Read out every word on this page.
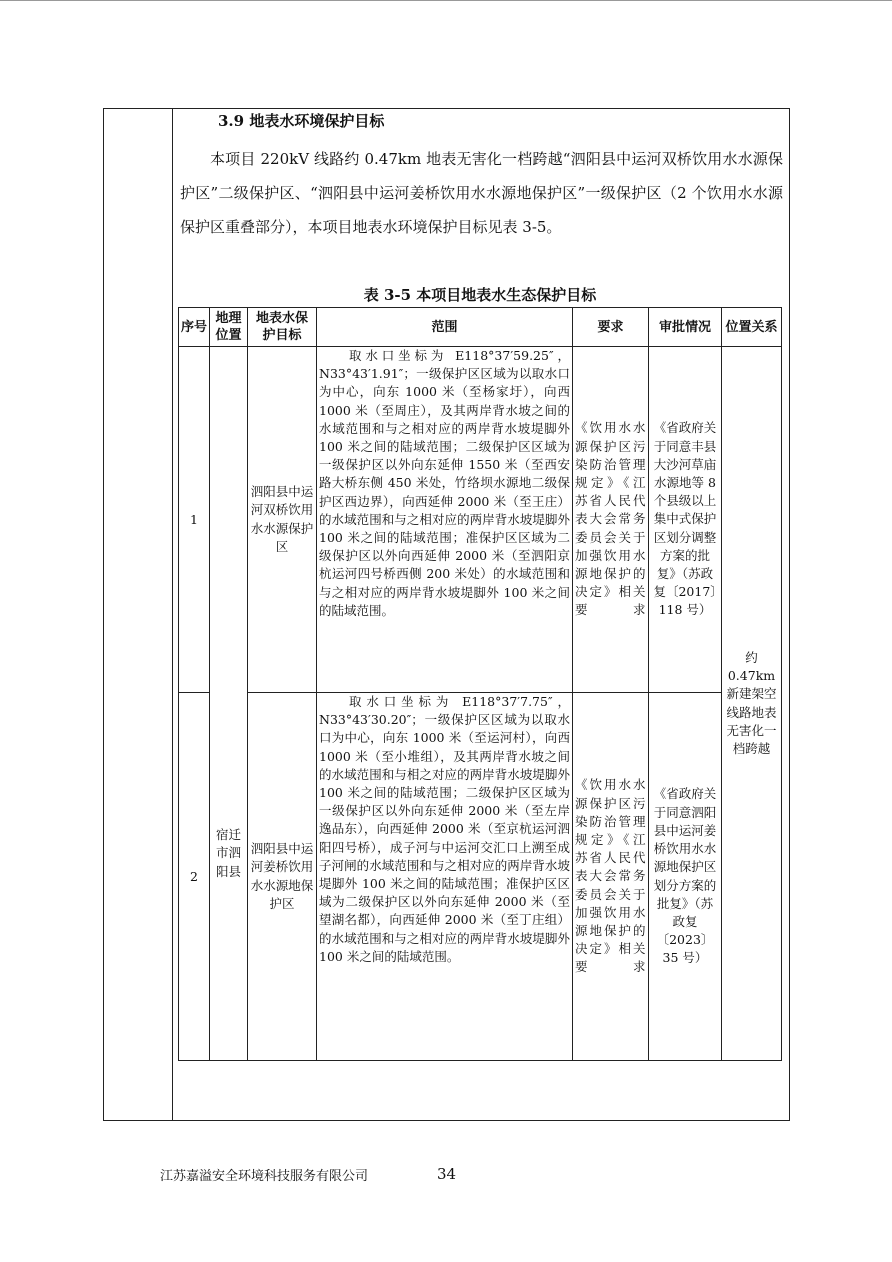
3.9 地表水环境保护目标
本项目 220kV 线路约 0.47km 地表无害化一档跨越“泗阳县中运河双桥饮用水水源保护区”二级保护区、“泗阳县中运河姜桥饮用水水源地保护区”一级保护区（2 个饮用水水源保护区重叠部分），本项目地表水环境保护目标见表 3-5。
表 3-5 本项目地表水生态保护目标
序号	地理位置	地表水保护目标	范围	要求	审批情况	位置关系
1	宿迁市泗阳县	泗阳县中运河双桥饮用水水源保护区	取水口坐标为 E118°37′59.25″，N33°43′1.91″；一级保护区区域为以取水口为中心，向东 1000 米（至杨家圩），向西 1000 米（至周庄），及其两岸背水坡之间的水域范围和与之相对应的两岸背水坡堤脚外 100 米之间的陆域范围；二级保护区区域为一级保护区以外向东延伸 1550 米（至西安路大桥东侧 450 米处，竹络坝水源地二级保护区西边界），向西延伸 2000 米（至王庄）的水域范围和与之相对应的两岸背水坡堤脚外 100 米之间的陆域范围；准保护区区域为二级保护区以外向西延伸 2000 米（至泗阳京杭运河四号桥西侧 200 米处）的水域范围和与之相对应的两岸背水坡堤脚外 100 米之间的陆域范围。	《饮用水水源保护区污染防治管理规定》《江苏省人民代表大会常务委员会关于加强饮用水源地保护的决定》相关要求	《省政府关于同意丰县大沙河草庙水源地等 8 个县级以上集中式保护区划分调整方案的批复》（苏政复〔2017〕118 号）	约 0.47km 新建架空线路地表无害化一档跨越
2		泗阳县中运河姜桥饮用水水源地保护区	取水口坐标为 E118°37′7.75″，N33°43′30.20″；一级保护区区域为以取水口为中心，向东 1000 米（至运河村），向西 1000 米（至小堆组），及其两岸背水坡之间的水域范围和与相之对应的两岸背水坡堤脚外 100 米之间的陆域范围；二级保护区区域为一级保护区以外向东延伸 2000 米（至左岸逸品东），向西延伸 2000 米（至京杭运河泗阳四号桥），成子河与中运河交汇口上溯至成子河闸的水域范围和与之相对应的两岸背水坡堤脚外 100 米之间的陆域范围；准保护区区域为二级保护区以外向东延伸 2000 米（至望湖名都），向西延伸 2000 米（至丁庄组）的水域范围和与之相对应的两岸背水坡堤脚外 100 米之间的陆域范围。	《饮用水水源保护区污染防治管理规定》《江苏省人民代表大会常务委员会关于加强饮用水源地保护的决定》相关要求	《省政府关于同意泗阳县中运河姜桥饮用水水源地保护区划分方案的批复》（苏政复〔2023〕35 号）	
江苏嘉溢安全环境科技服务有限公司	34
